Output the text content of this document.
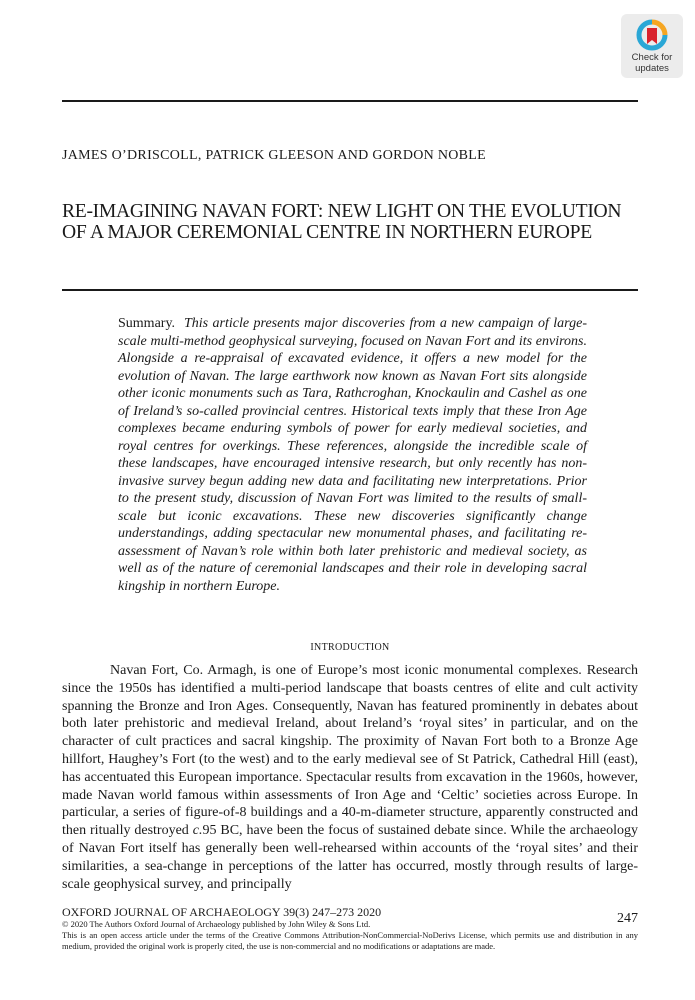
Check for
updates
JAMES O’DRISCOLL, PATRICK GLEESON AND GORDON NOBLE
RE-IMAGINING NAVAN FORT: NEW LIGHT ON THE EVOLUTION
OF A MAJOR CEREMONIAL CENTRE IN NORTHERN EUROPE
Summary. This article presents major discoveries from a new campaign of large-scale multi-method geophysical surveying, focused on Navan Fort and its environs. Alongside a re-appraisal of excavated evidence, it offers a new model for the evolution of Navan. The large earthwork now known as Navan Fort sits alongside other iconic monuments such as Tara, Rathcroghan, Knockaulin and Cashel as one of Ireland’s so-called provincial centres. Historical texts imply that these Iron Age complexes became enduring symbols of power for early medieval societies, and royal centres for overkings. These references, alongside the incredible scale of these landscapes, have encouraged intensive research, but only recently has non-invasive survey begun adding new data and facilitating new interpretations. Prior to the present study, discussion of Navan Fort was limited to the results of small-scale but iconic excavations. These new discoveries significantly change understandings, adding spectacular new monumental phases, and facilitating re-assessment of Navan’s role within both later prehistoric and medieval society, as well as of the nature of ceremonial landscapes and their role in developing sacral kingship in northern Europe.
INTRODUCTION
Navan Fort, Co. Armagh, is one of Europe’s most iconic monumental complexes. Research since the 1950s has identified a multi-period landscape that boasts centres of elite and cult activity spanning the Bronze and Iron Ages. Consequently, Navan has featured prominently in debates about both later prehistoric and medieval Ireland, about Ireland’s ‘royal sites’ in particular, and on the character of cult practices and sacral kingship. The proximity of Navan Fort both to a Bronze Age hillfort, Haughey’s Fort (to the west) and to the early medieval see of St Patrick, Cathedral Hill (east), has accentuated this European importance. Spectacular results from excavation in the 1960s, however, made Navan world famous within assessments of Iron Age and ‘Celtic’ societies across Europe. In particular, a series of figure-of-8 buildings and a 40-m-diameter structure, apparently constructed and then ritually destroyed c.95 BC, have been the focus of sustained debate since. While the archaeology of Navan Fort itself has generally been well-rehearsed within accounts of the ‘royal sites’ and their similarities, a sea-change in perceptions of the latter has occurred, mostly through results of large-scale geophysical survey, and principally
OXFORD JOURNAL OF ARCHAEOLOGY 39(3) 247–273 2020	247
© 2020 The Authors Oxford Journal of Archaeology published by John Wiley & Sons Ltd.
This is an open access article under the terms of the Creative Commons Attribution-NonCommercial-NoDerivs License, which permits use and distribution in any medium, provided the original work is properly cited, the use is non-commercial and no modifications or adaptations are made.
